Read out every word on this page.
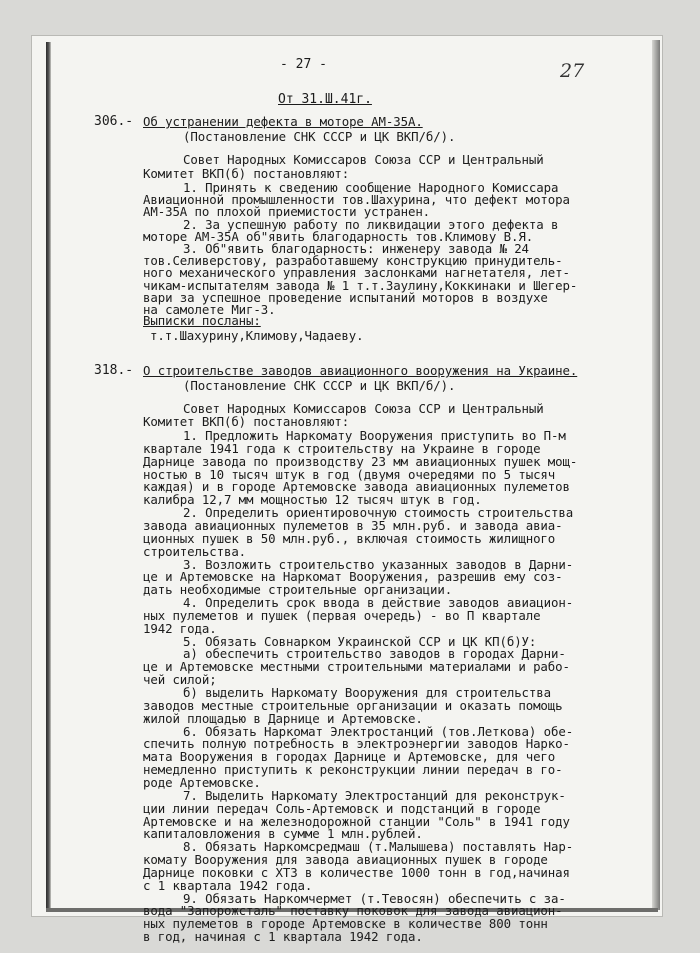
- 27 -	27
От 31.Ш.41г.
306.- Об устранении дефекта в моторе АМ-35А.
(Постановление СНК СССР и ЦК ВКП/б/).
Совет Народных Комиссаров Союза ССР и Центральный
Комитет ВКП(б) постановляют:
1. Принять к сведению сообщение Народного Комиссара
Авиационной промышленности тов.Шахурина, что дефект мотора
АМ-35А по плохой приемистости устранен.
2. За успешную работу по ликвидации этого дефекта в
моторе АМ-35А об"явить благодарность тов.Климову В.Я.
3. Об"явить благодарность: инженеру завода № 24
тов.Селиверстову, разработавшему конструкцию принудитель-
ного механического управления заслонками нагнетателя, лет-
чикам-испытателям завода № 1 т.т.Заулину,Коккинаки и Шегер-
вари за успешное проведение испытаний моторов в воздухе
на самолете Миг-3.
Выписки посланы:
т.т.Шахурину,Климову,Чадаеву.
318.- О строительстве заводов авиационного вооружения на Украине.
(Постановление СНК СССР и ЦК ВКП/б/).
Совет Народных Комиссаров Союза ССР и Центральный
Комитет ВКП(б) постановляют:
1. Предложить Наркомату Вооружения приступить во П-м
квартале 1941 года к строительству на Украине в городе
Дарнице завода по производству 23 мм авиационных пушек мощ-
ностью в 10 тысяч штук в год (двумя очередями по 5 тысяч
каждая) и в городе Артемовске завода авиационных пулеметов
калибра 12,7 мм мощностью 12 тысяч штук в год.
2. Определить ориентировочную стоимость строительства
завода авиационных пулеметов в 35 млн.руб. и завода авиа-
ционных пушек в 50 млн.руб., включая стоимость жилищного
строительства.
3. Возложить строительство указанных заводов в Дарни-
це и Артемовске на Наркомат Вооружения, разрешив ему соз-
дать необходимые строительные организации.
4. Определить срок ввода в действие заводов авиацион-
ных пулеметов и пушек (первая очередь) - во П квартале
1942 года.
5. Обязать Совнарком Украинской ССР и ЦК КП(б)У:
а) обеспечить строительство заводов в городах Дарни-
це и Артемовске местными строительными материалами и рабо-
чей силой;
б) выделить Наркомату Вооружения для строительства
заводов местные строительные организации и оказать помощь
жилой площадью в Дарнице и Артемовске.
6. Обязать Наркомат Электростанций (тов.Леткова) обе-
спечить полную потребность в электроэнергии заводов Нарко-
мата Вооружения в городах Дарнице и Артемовске, для чего
немедленно приступить к реконструкции линии передач в го-
роде Артемовске.
7. Выделить Наркомату Электростанций для реконструк-
ции линии передач Соль-Артемовск и подстанций в городе
Артемовске и на железнодорожной станции "Соль" в 1941 году
капиталовложения в сумме 1 млн.рублей.
8. Обязать Наркомсредмаш (т.Малышева) поставлять Нар-
комату Вооружения для завода авиационных пушек в городе
Дарнице поковки с ХТЗ в количестве 1000 тонн в год,начиная
с 1 квартала 1942 года.
9. Обязать Наркомчермет (т.Тевосян) обеспечить с за-
вода "Запорожсталь" поставку поковок для завода авиацион-
ных пулеметов в городе Артемовске в количестве 800 тонн
в год, начиная с 1 квартала 1942 года.
